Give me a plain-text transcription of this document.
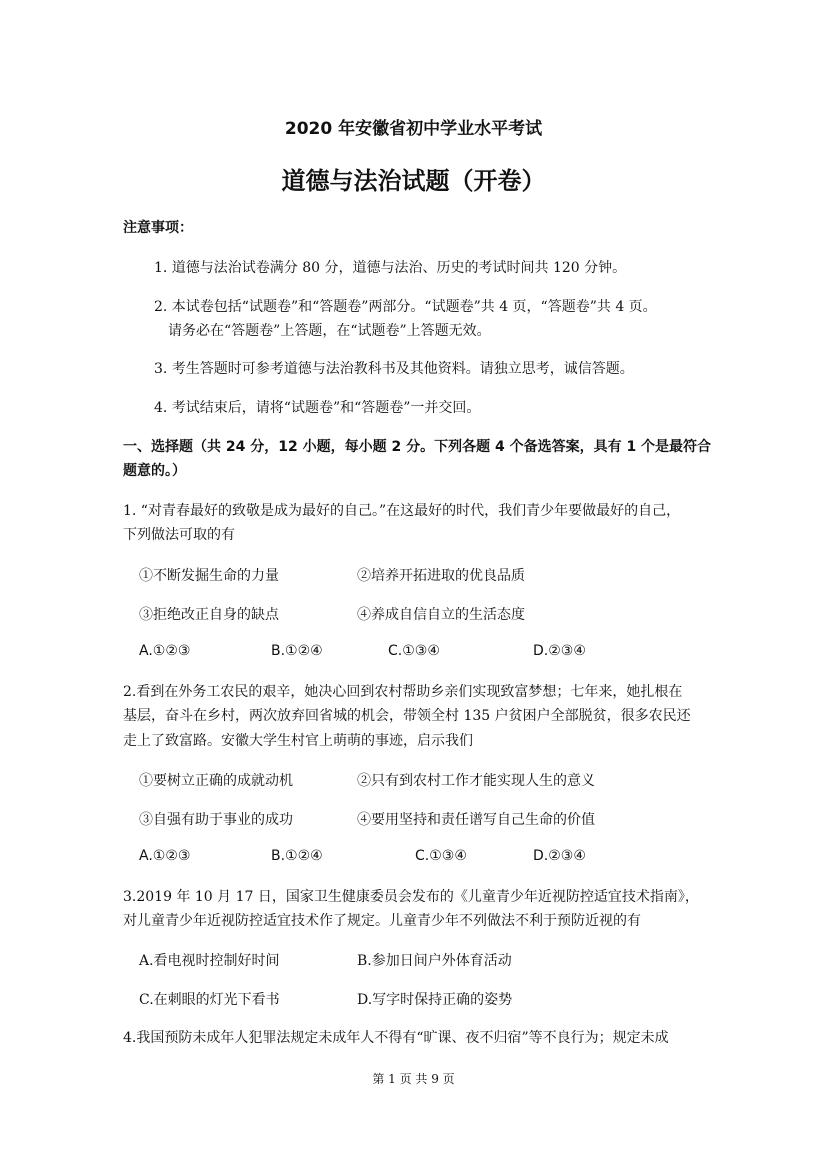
2020 年安徽省初中学业水平考试
道德与法治试题（开卷）
注意事项：
1. 道德与法治试卷满分 80 分，道德与法治、历史的考试时间共 120 分钟。
2. 本试卷包括“试题卷”和“答题卷”两部分。“试题卷”共 4 页，“答题卷”共 4 页。
请务必在“答题卷”上答题，在“试题卷”上答题无效。
3. 考生答题时可参考道德与法治教科书及其他资料。请独立思考，诚信答题。
4. 考试结束后，请将“试题卷”和“答题卷”一并交回。
一、选择题（共 24 分，12 小题，每小题 2 分。下列各题 4 个备选答案，具有 1 个是最符合
题意的。）
1. “对青春最好的致敬是成为最好的自己。”在这最好的时代，我们青少年要做最好的自己，
下列做法可取的有
①不断发掘生命的力量	②培养开拓进取的优良品质
③拒绝改正自身的缺点	④养成自信自立的生活态度
A.①②③	B.①②④	C.①③④	D.②③④
2.看到在外务工农民的艰辛，她决心回到农村帮助乡亲们实现致富梦想；七年来，她扎根在
基层，奋斗在乡村，两次放弃回省城的机会，带领全村 135 户贫困户全部脱贫，很多农民还
走上了致富路。安徽大学生村官上萌萌的事迹，启示我们
①要树立正确的成就动机	②只有到农村工作才能实现人生的意义
③自强有助于事业的成功	④要用坚持和责任谱写自己生命的价值
A.①②③	B.①②④	C.①③④	D.②③④
3.2019 年 10 月 17 日，国家卫生健康委员会发布的《儿童青少年近视防控适宜技术指南》，
对儿童青少年近视防控适宜技术作了规定。儿童青少年不列做法不利于预防近视的有
A.看电视时控制好时间	B.参加日间户外体育活动
C.在刺眼的灯光下看书	D.写字时保持正确的姿势
4.我国预防未成年人犯罪法规定未成年人不得有“旷课、夜不归宿”等不良行为；规定未成
第 1 页 共 9 页
